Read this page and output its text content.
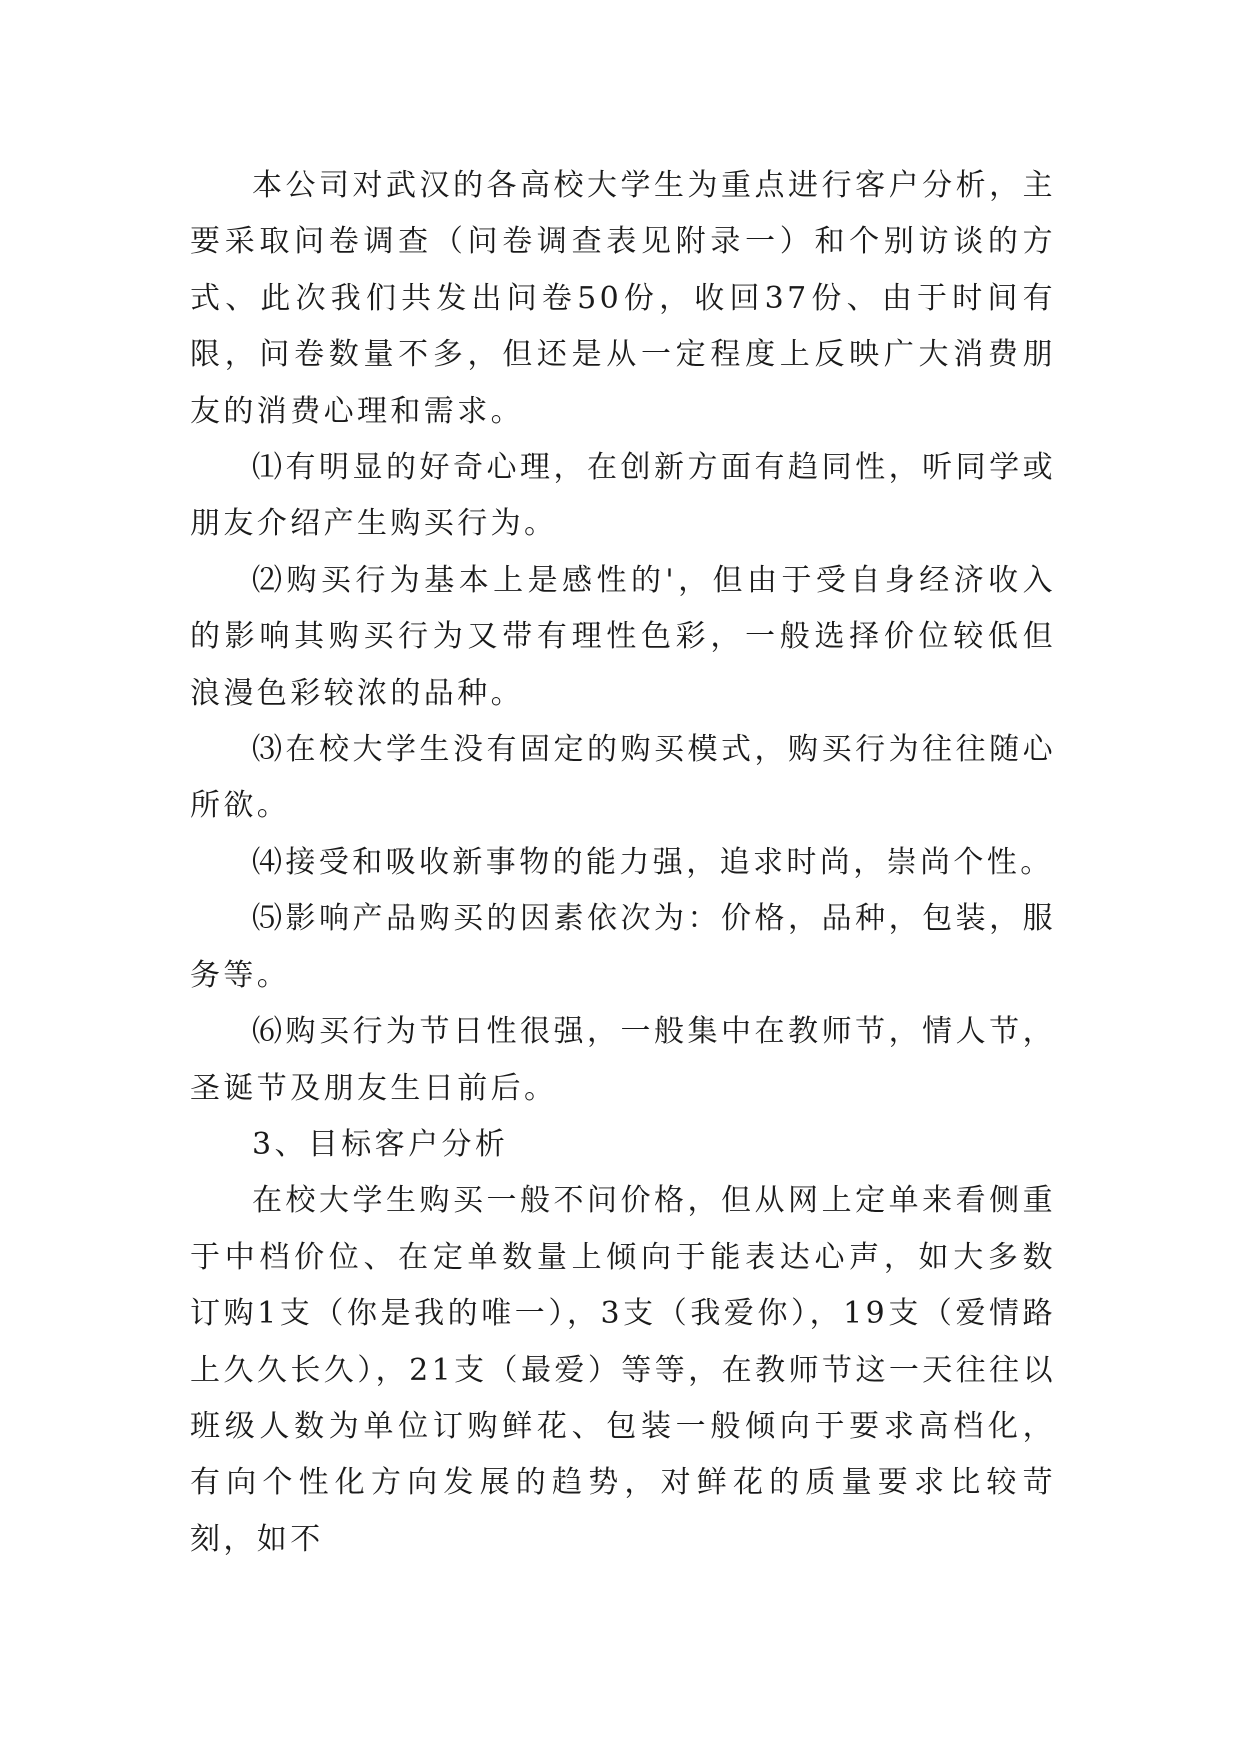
本公司对武汉的各高校大学生为重点进行客户分析，主要采取问卷调查（问卷调查表见附录一）和个别访谈的方式、此次我们共发出问卷50份，收回37份、由于时间有限，问卷数量不多，但还是从一定程度上反映广大消费朋友的消费心理和需求。

⑴有明显的好奇心理，在创新方面有趋同性，听同学或朋友介绍产生购买行为。

⑵购买行为基本上是感性的'，但由于受自身经济收入的影响其购买行为又带有理性色彩，一般选择价位较低但浪漫色彩较浓的品种。

⑶在校大学生没有固定的购买模式，购买行为往往随心所欲。

⑷接受和吸收新事物的能力强，追求时尚，崇尚个性。

⑸影响产品购买的因素依次为：价格，品种，包装，服务等。

⑹购买行为节日性很强，一般集中在教师节，情人节，圣诞节及朋友生日前后。

3、目标客户分析

在校大学生购买一般不问价格，但从网上定单来看侧重于中档价位、在定单数量上倾向于能表达心声，如大多数订购1支（你是我的唯一），3支（我爱你），19支（爱情路上久久长久），21支（最爱）等等，在教师节这一天往往以班级人数为单位订购鲜花、包装一般倾向于要求高档化，有向个性化方向发展的趋势，对鲜花的质量要求比较苛刻，如不
